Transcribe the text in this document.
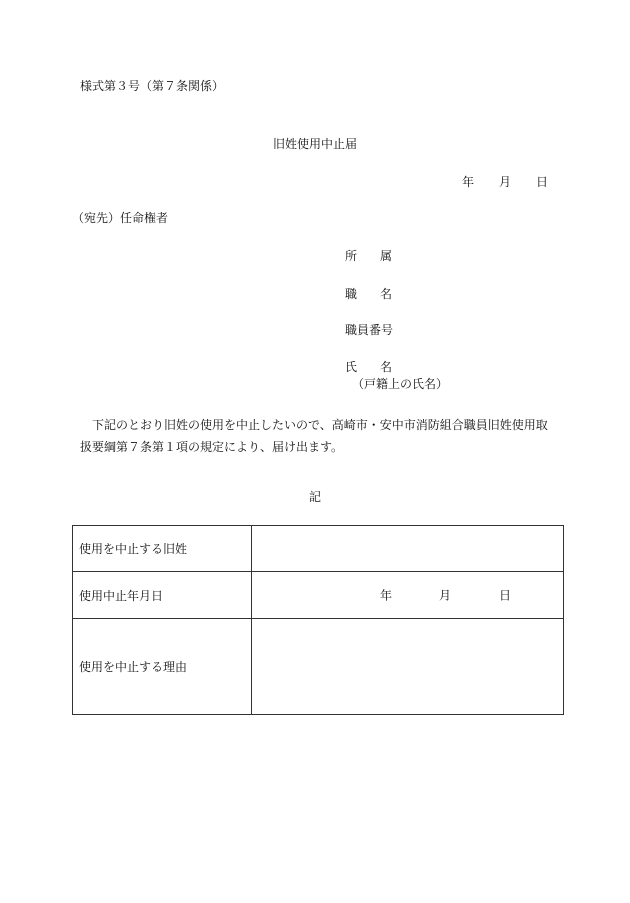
様式第３号（第７条関係）
旧姓使用中止届
年 月 日
（宛先）任命権者
所属
職名
職員番号
氏名
（戸籍上の氏名）
下記のとおり旧姓の使用を中止したいので、高崎市・安中市消防組合職員旧姓使用取扱要綱第７条第１項の規定により、届け出ます。
記
使用を中止する旧姓	
使用中止年月日	年 月 日

使用を中止する理由	
